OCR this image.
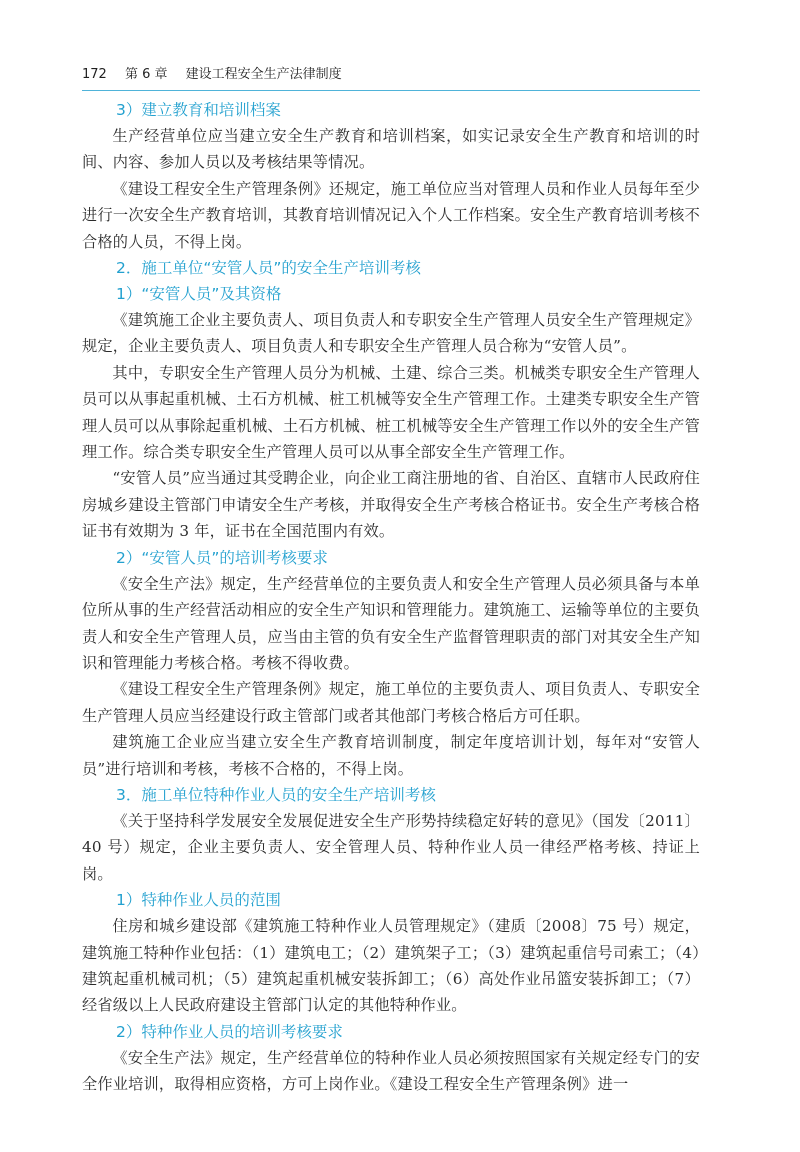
172 第 6 章 建设工程安全生产法律制度
3）建立教育和培训档案

生产经营单位应当建立安全生产教育和培训档案，如实记录安全生产教育和培训的时间、内容、参加人员以及考核结果等情况。

《建设工程安全生产管理条例》还规定，施工单位应当对管理人员和作业人员每年至少进行一次安全生产教育培训，其教育培训情况记入个人工作档案。安全生产教育培训考核不合格的人员，不得上岗。

2．施工单位“安管人员”的安全生产培训考核
1）“安管人员”及其资格

《建筑施工企业主要负责人、项目负责人和专职安全生产管理人员安全生产管理规定》规定，企业主要负责人、项目负责人和专职安全生产管理人员合称为“安管人员”。

其中，专职安全生产管理人员分为机械、土建、综合三类。机械类专职安全生产管理人员可以从事起重机械、土石方机械、桩工机械等安全生产管理工作。土建类专职安全生产管理人员可以从事除起重机械、土石方机械、桩工机械等安全生产管理工作以外的安全生产管理工作。综合类专职安全生产管理人员可以从事全部安全生产管理工作。

“安管人员”应当通过其受聘企业，向企业工商注册地的省、自治区、直辖市人民政府住房城乡建设主管部门申请安全生产考核，并取得安全生产考核合格证书。安全生产考核合格证书有效期为 3 年，证书在全国范围内有效。

2）“安管人员”的培训考核要求

《安全生产法》规定，生产经营单位的主要负责人和安全生产管理人员必须具备与本单位所从事的生产经营活动相应的安全生产知识和管理能力。建筑施工、运输等单位的主要负责人和安全生产管理人员，应当由主管的负有安全生产监督管理职责的部门对其安全生产知识和管理能力考核合格。考核不得收费。

《建设工程安全生产管理条例》规定，施工单位的主要负责人、项目负责人、专职安全生产管理人员应当经建设行政主管部门或者其他部门考核合格后方可任职。

建筑施工企业应当建立安全生产教育培训制度，制定年度培训计划，每年对“安管人员”进行培训和考核，考核不合格的，不得上岗。

3．施工单位特种作业人员的安全生产培训考核

《关于坚持科学发展安全发展促进安全生产形势持续稳定好转的意见》（国发〔2011〕40 号）规定，企业主要负责人、安全管理人员、特种作业人员一律经严格考核、持证上岗。

1）特种作业人员的范围

住房和城乡建设部《建筑施工特种作业人员管理规定》（建质〔2008〕75 号）规定，建筑施工特种作业包括：（1）建筑电工；（2）建筑架子工；（3）建筑起重信号司索工；（4）建筑起重机械司机；（5）建筑起重机械安装拆卸工；（6）高处作业吊篮安装拆卸工；（7）经省级以上人民政府建设主管部门认定的其他特种作业。

2）特种作业人员的培训考核要求

《安全生产法》规定，生产经营单位的特种作业人员必须按照国家有关规定经专门的安全作业培训，取得相应资格，方可上岗作业。《建设工程安全生产管理条例》进一
